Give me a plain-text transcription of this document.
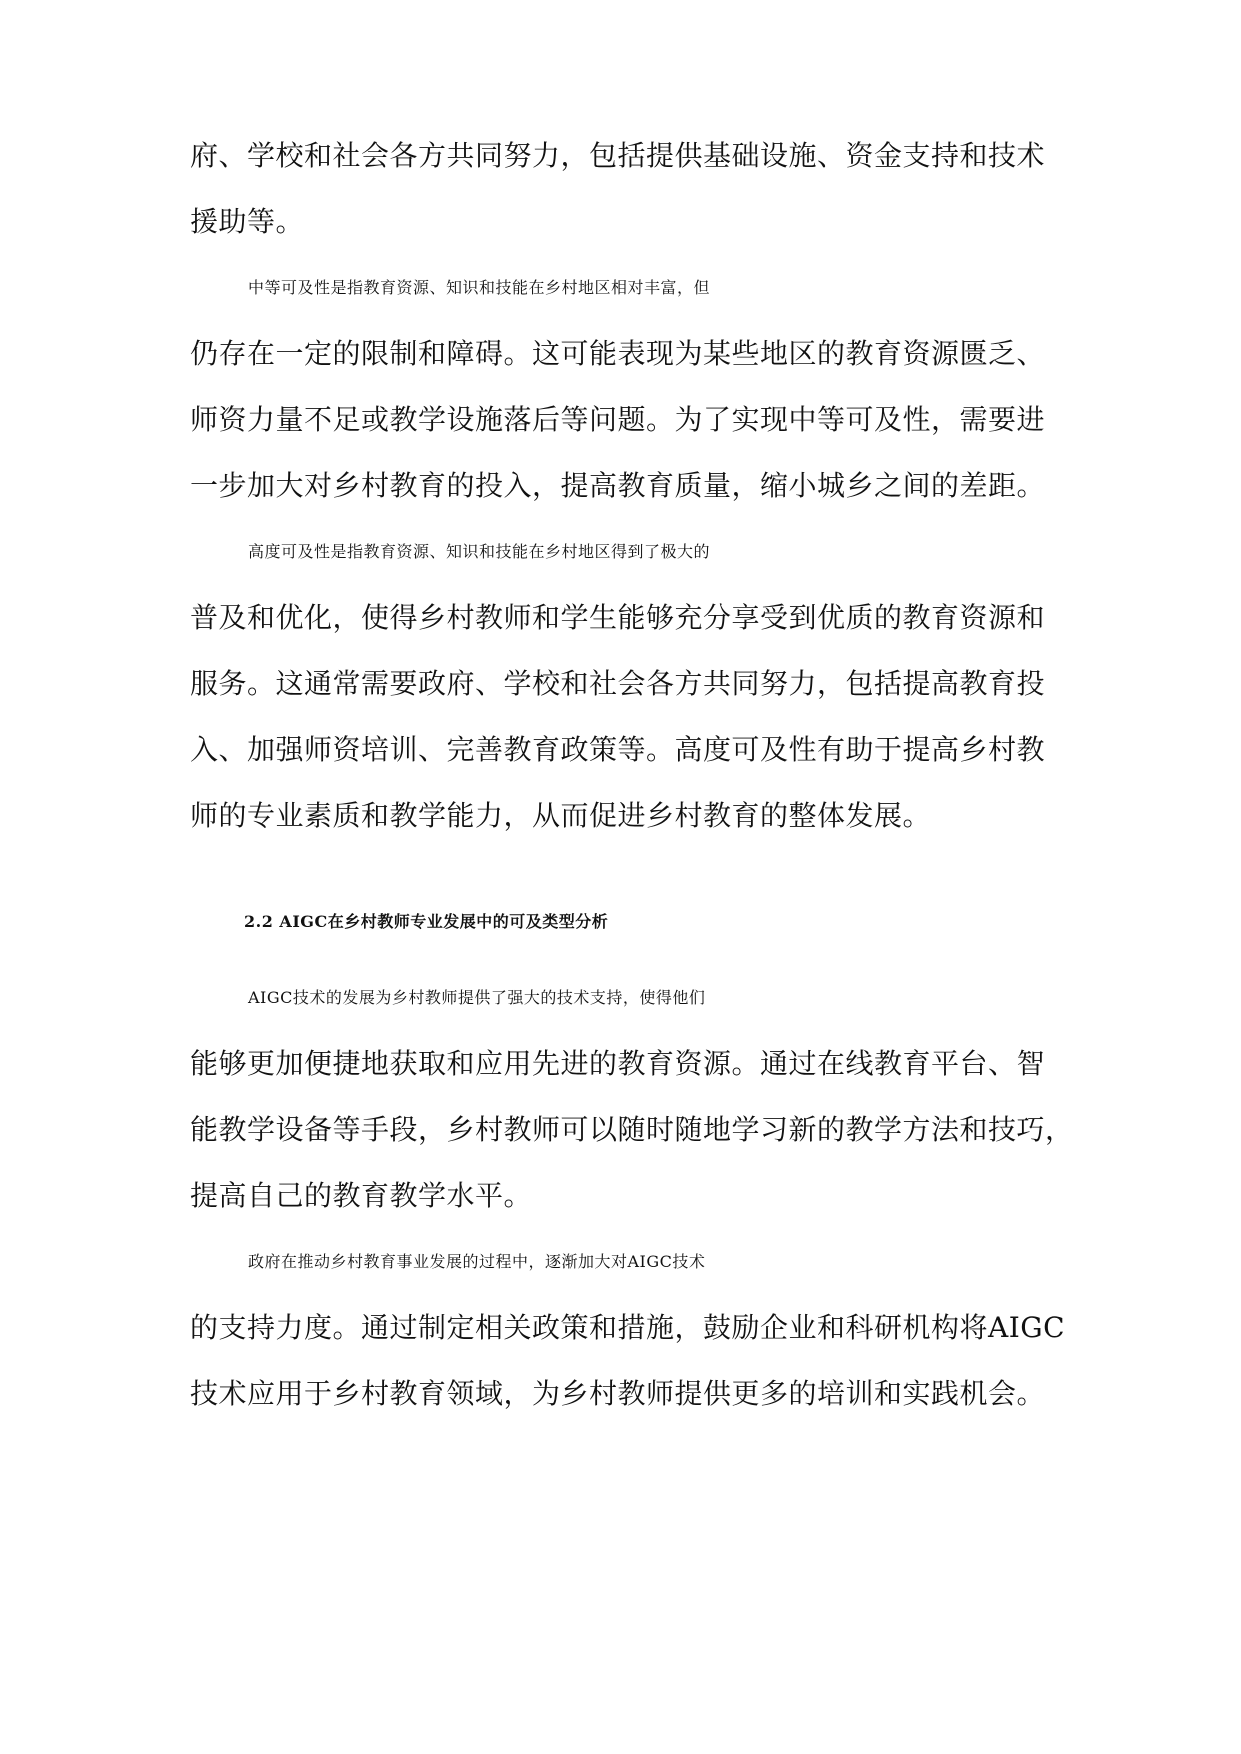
府、学校和社会各方共同努力，包括提供基础设施、资金支持和技术
援助等。
中等可及性是指教育资源、知识和技能在乡村地区相对丰富，但
仍存在一定的限制和障碍。这可能表现为某些地区的教育资源匮乏、
师资力量不足或教学设施落后等问题。为了实现中等可及性，需要进
一步加大对乡村教育的投入，提高教育质量，缩小城乡之间的差距。
高度可及性是指教育资源、知识和技能在乡村地区得到了极大的
普及和优化，使得乡村教师和学生能够充分享受到优质的教育资源和
服务。这通常需要政府、学校和社会各方共同努力，包括提高教育投
入、加强师资培训、完善教育政策等。高度可及性有助于提高乡村教
师的专业素质和教学能力，从而促进乡村教育的整体发展。
2.2 AIGC在乡村教师专业发展中的可及类型分析
AIGC技术的发展为乡村教师提供了强大的技术支持，使得他们
能够更加便捷地获取和应用先进的教育资源。通过在线教育平台、智
能教学设备等手段，乡村教师可以随时随地学习新的教学方法和技巧，
提高自己的教育教学水平。
政府在推动乡村教育事业发展的过程中，逐渐加大对AIGC技术
的支持力度。通过制定相关政策和措施，鼓励企业和科研机构将AIGC
技术应用于乡村教育领域，为乡村教师提供更多的培训和实践机会。
